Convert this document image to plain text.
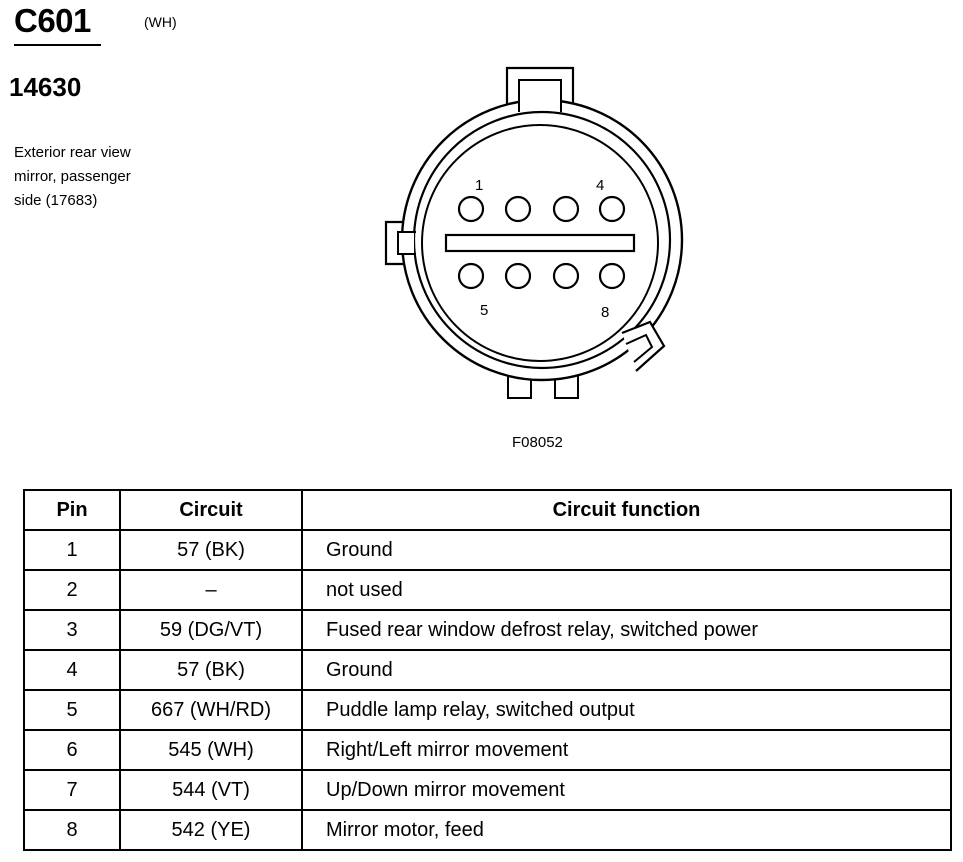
C601	(WH)
14630
Exterior rear view
mirror, passenger
side (17683)
1	4
5	8
F08052
Pin	Circuit	Circuit function
1	57 (BK)	Ground
2	–	not used
3	59 (DG/VT)	Fused rear window defrost relay, switched power
4	57 (BK)	Ground
5	667 (WH/RD)	Puddle lamp relay, switched output
6	545 (WH)	Right/Left mirror movement
7	544 (VT)	Up/Down mirror movement
8	542 (YE)	Mirror motor, feed
